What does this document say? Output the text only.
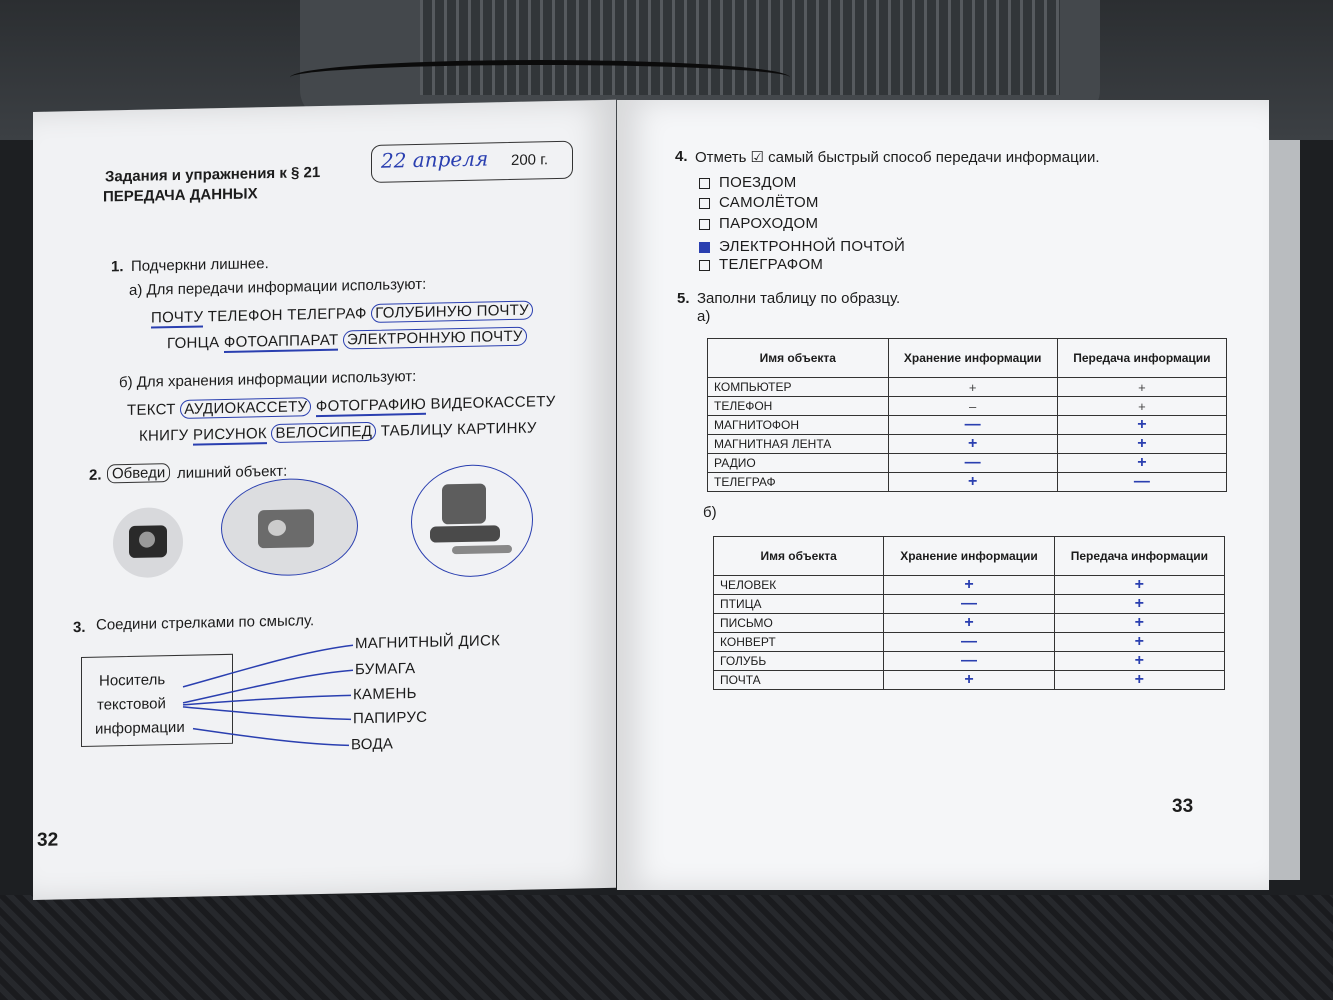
Задания и упражнения к § 21
ПЕРЕДАЧА ДАННЫХ
22 апреля 200 г.
1. Подчеркни лишнее.
а) Для передачи информации используют:
ПОЧТУ ТЕЛЕФОН ТЕЛЕГРАФ ГОЛУБИНУЮ ПОЧТУ
ГОНЦА ФОТОАППАРАТ ЭЛЕКТРОННУЮ ПОЧТУ
б) Для хранения информации используют:
ТЕКСТ АУДИОКАССЕТУ ФОТОГРАФИЮ ВИДЕОКАССЕТУ
КНИГУ РИСУНОК ВЕЛОСИПЕД ТАБЛИЦУ КАРТИНКУ
2. Обведи лишний объект:
3. Соедини стрелками по смыслу.
Носитель
текстовой
информации
МАГНИТНЫЙ ДИСК
БУМАГА
КАМЕНЬ
ПАПИРУС
ВОДА
32
4. Отметь ☑ самый быстрый способ передачи информации.
ПОЕЗДОМ
САМОЛЁТОМ
ПАРОХОДОМ
ЭЛЕКТРОННОЙ ПОЧТОЙ
ТЕЛЕГРАФОМ
5. Заполни таблицу по образцу.
а)
Имя объекта	Хранение информации	Передача информации
КОМПЬЮТЕР	+	+
ТЕЛЕФОН	–	+
МАГНИТОФОН	—	+
МАГНИТНАЯ ЛЕНТА	+	+
РАДИО	—	+
ТЕЛЕГРАФ	+	—
б)
Имя объекта	Хранение информации	Передача информации
ЧЕЛОВЕК	+	+
ПТИЦА	—	+
ПИСЬМО	+	+
КОНВЕРТ	—	+
ГОЛУБЬ	—	+
ПОЧТА	+	+
33
